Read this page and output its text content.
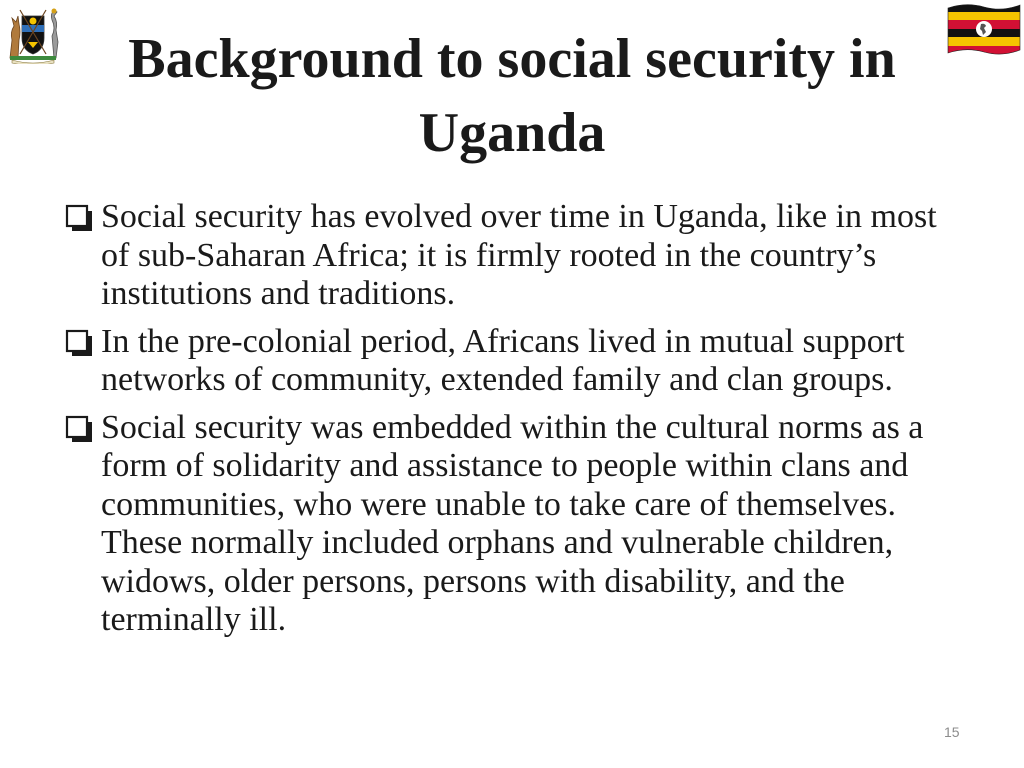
Background to social security in Uganda
Social security has evolved over time in Uganda, like in most of sub-Saharan Africa; it is firmly rooted in the country’s institutions and traditions.
In the pre-colonial period, Africans lived in mutual support networks of community, extended family and clan groups.
Social security was embedded within the cultural norms as a form of solidarity and assistance to people within clans and communities, who were unable to take care of themselves. These normally included orphans and vulnerable children, widows, older persons, persons with disability, and the terminally ill.
15
